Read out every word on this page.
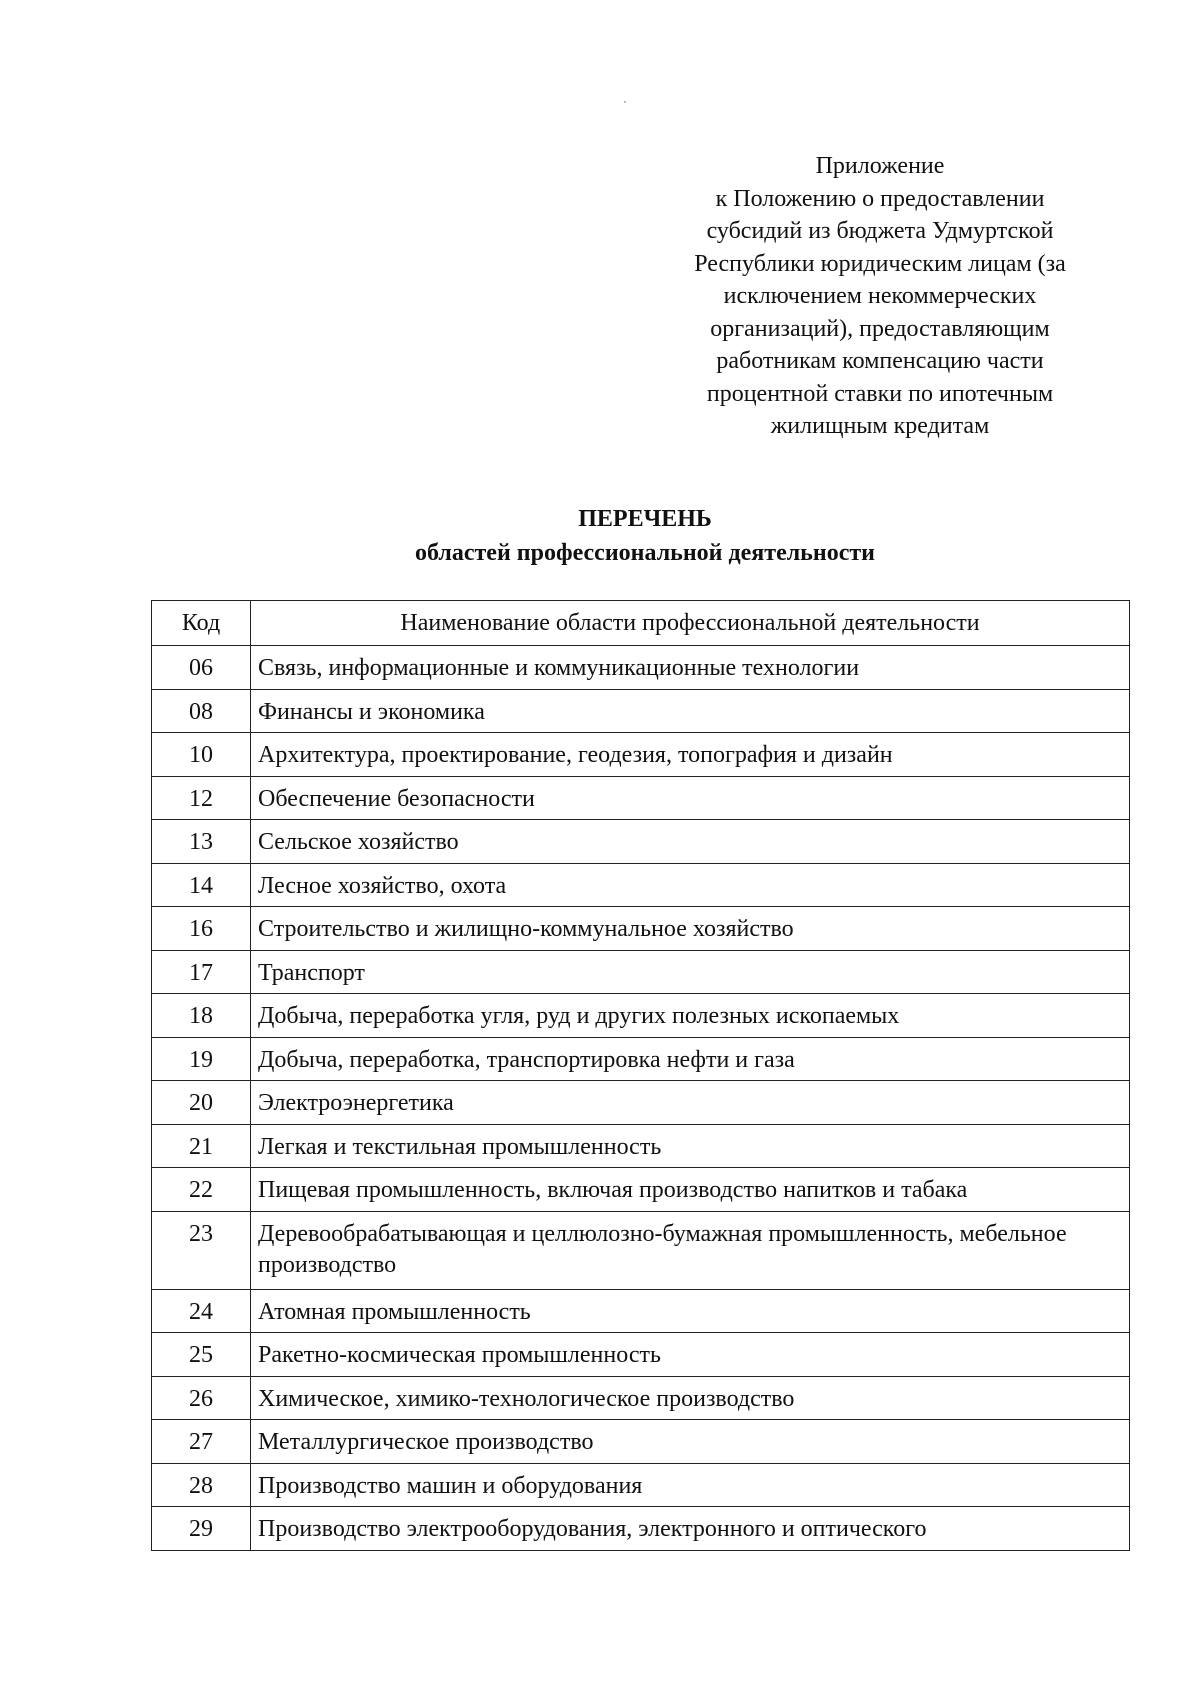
Приложение
к Положению о предоставлении
субсидий из бюджета Удмуртской
Республики юридическим лицам (за
исключением некоммерческих
организаций), предоставляющим
работникам компенсацию части
процентной ставки по ипотечным
жилищным кредитам
ПЕРЕЧЕНЬ
областей профессиональной деятельности
Код	Наименование области профессиональной деятельности
06	Связь, информационные и коммуникационные технологии
08	Финансы и экономика
10	Архитектура, проектирование, геодезия, топография и дизайн
12	Обеспечение безопасности
13	Сельское хозяйство
14	Лесное хозяйство, охота
16	Строительство и жилищно-коммунальное хозяйство
17	Транспорт
18	Добыча, переработка угля, руд и других полезных ископаемых
19	Добыча, переработка, транспортировка нефти и газа
20	Электроэнергетика
21	Легкая и текстильная промышленность
22	Пищевая промышленность, включая производство напитков и табака
23	Деревообрабатывающая и целлюлозно-бумажная промышленность, мебельное производство
24	Атомная промышленность
25	Ракетно-космическая промышленность
26	Химическое, химико-технологическое производство
27	Металлургическое производство
28	Производство машин и оборудования
29	Производство электрооборудования, электронного и оптического
